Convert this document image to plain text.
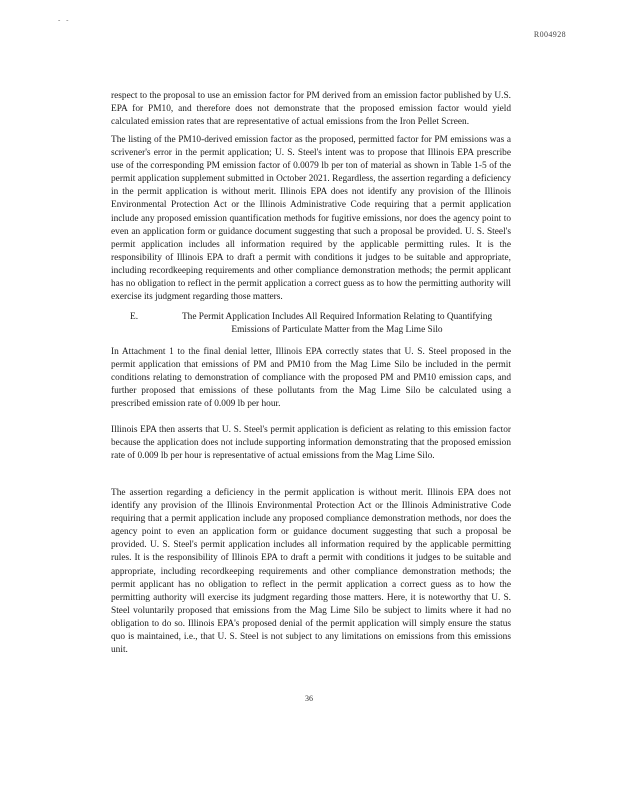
- -
R004928

respect to the proposal to use an emission factor for PM derived from an emission factor published by U.S. EPA for PM10, and therefore does not demonstrate that the proposed emission factor would yield calculated emission rates that are representative of actual emissions from the Iron Pellet Screen.

The listing of the PM10-derived emission factor as the proposed, permitted factor for PM emissions was a scrivener's error in the permit application; U. S. Steel's intent was to propose that Illinois EPA prescribe use of the corresponding PM emission factor of 0.0079 lb per ton of material as shown in Table 1-5 of the permit application supplement submitted in October 2021. Regardless, the assertion regarding a deficiency in the permit application is without merit. Illinois EPA does not identify any provision of the Illinois Environmental Protection Act or the Illinois Administrative Code requiring that a permit application include any proposed emission quantification methods for fugitive emissions, nor does the agency point to even an application form or guidance document suggesting that such a proposal be provided. U. S. Steel's permit application includes all information required by the applicable permitting rules. It is the responsibility of Illinois EPA to draft a permit with conditions it judges to be suitable and appropriate, including recordkeeping requirements and other compliance demonstration methods; the permit applicant has no obligation to reflect in the permit application a correct guess as to how the permitting authority will exercise its judgment regarding those matters.

E.	The Permit Application Includes All Required Information Relating to Quantifying Emissions of Particulate Matter from the Mag Lime Silo

In Attachment 1 to the final denial letter, Illinois EPA correctly states that U. S. Steel proposed in the permit application that emissions of PM and PM10 from the Mag Lime Silo be included in the permit conditions relating to demonstration of compliance with the proposed PM and PM10 emission caps, and further proposed that emissions of these pollutants from the Mag Lime Silo be calculated using a prescribed emission rate of 0.009 lb per hour.

Illinois EPA then asserts that U. S. Steel's permit application is deficient as relating to this emission factor because the application does not include supporting information demonstrating that the proposed emission rate of 0.009 lb per hour is representative of actual emissions from the Mag Lime Silo.

The assertion regarding a deficiency in the permit application is without merit. Illinois EPA does not identify any provision of the Illinois Environmental Protection Act or the Illinois Administrative Code requiring that a permit application include any proposed compliance demonstration methods, nor does the agency point to even an application form or guidance document suggesting that such a proposal be provided. U. S. Steel's permit application includes all information required by the applicable permitting rules. It is the responsibility of Illinois EPA to draft a permit with conditions it judges to be suitable and appropriate, including recordkeeping requirements and other compliance demonstration methods; the permit applicant has no obligation to reflect in the permit application a correct guess as to how the permitting authority will exercise its judgment regarding those matters. Here, it is noteworthy that U. S. Steel voluntarily proposed that emissions from the Mag Lime Silo be subject to limits where it had no obligation to do so. Illinois EPA's proposed denial of the permit application will simply ensure the status quo is maintained, i.e., that U. S. Steel is not subject to any limitations on emissions from this emissions unit.

36
